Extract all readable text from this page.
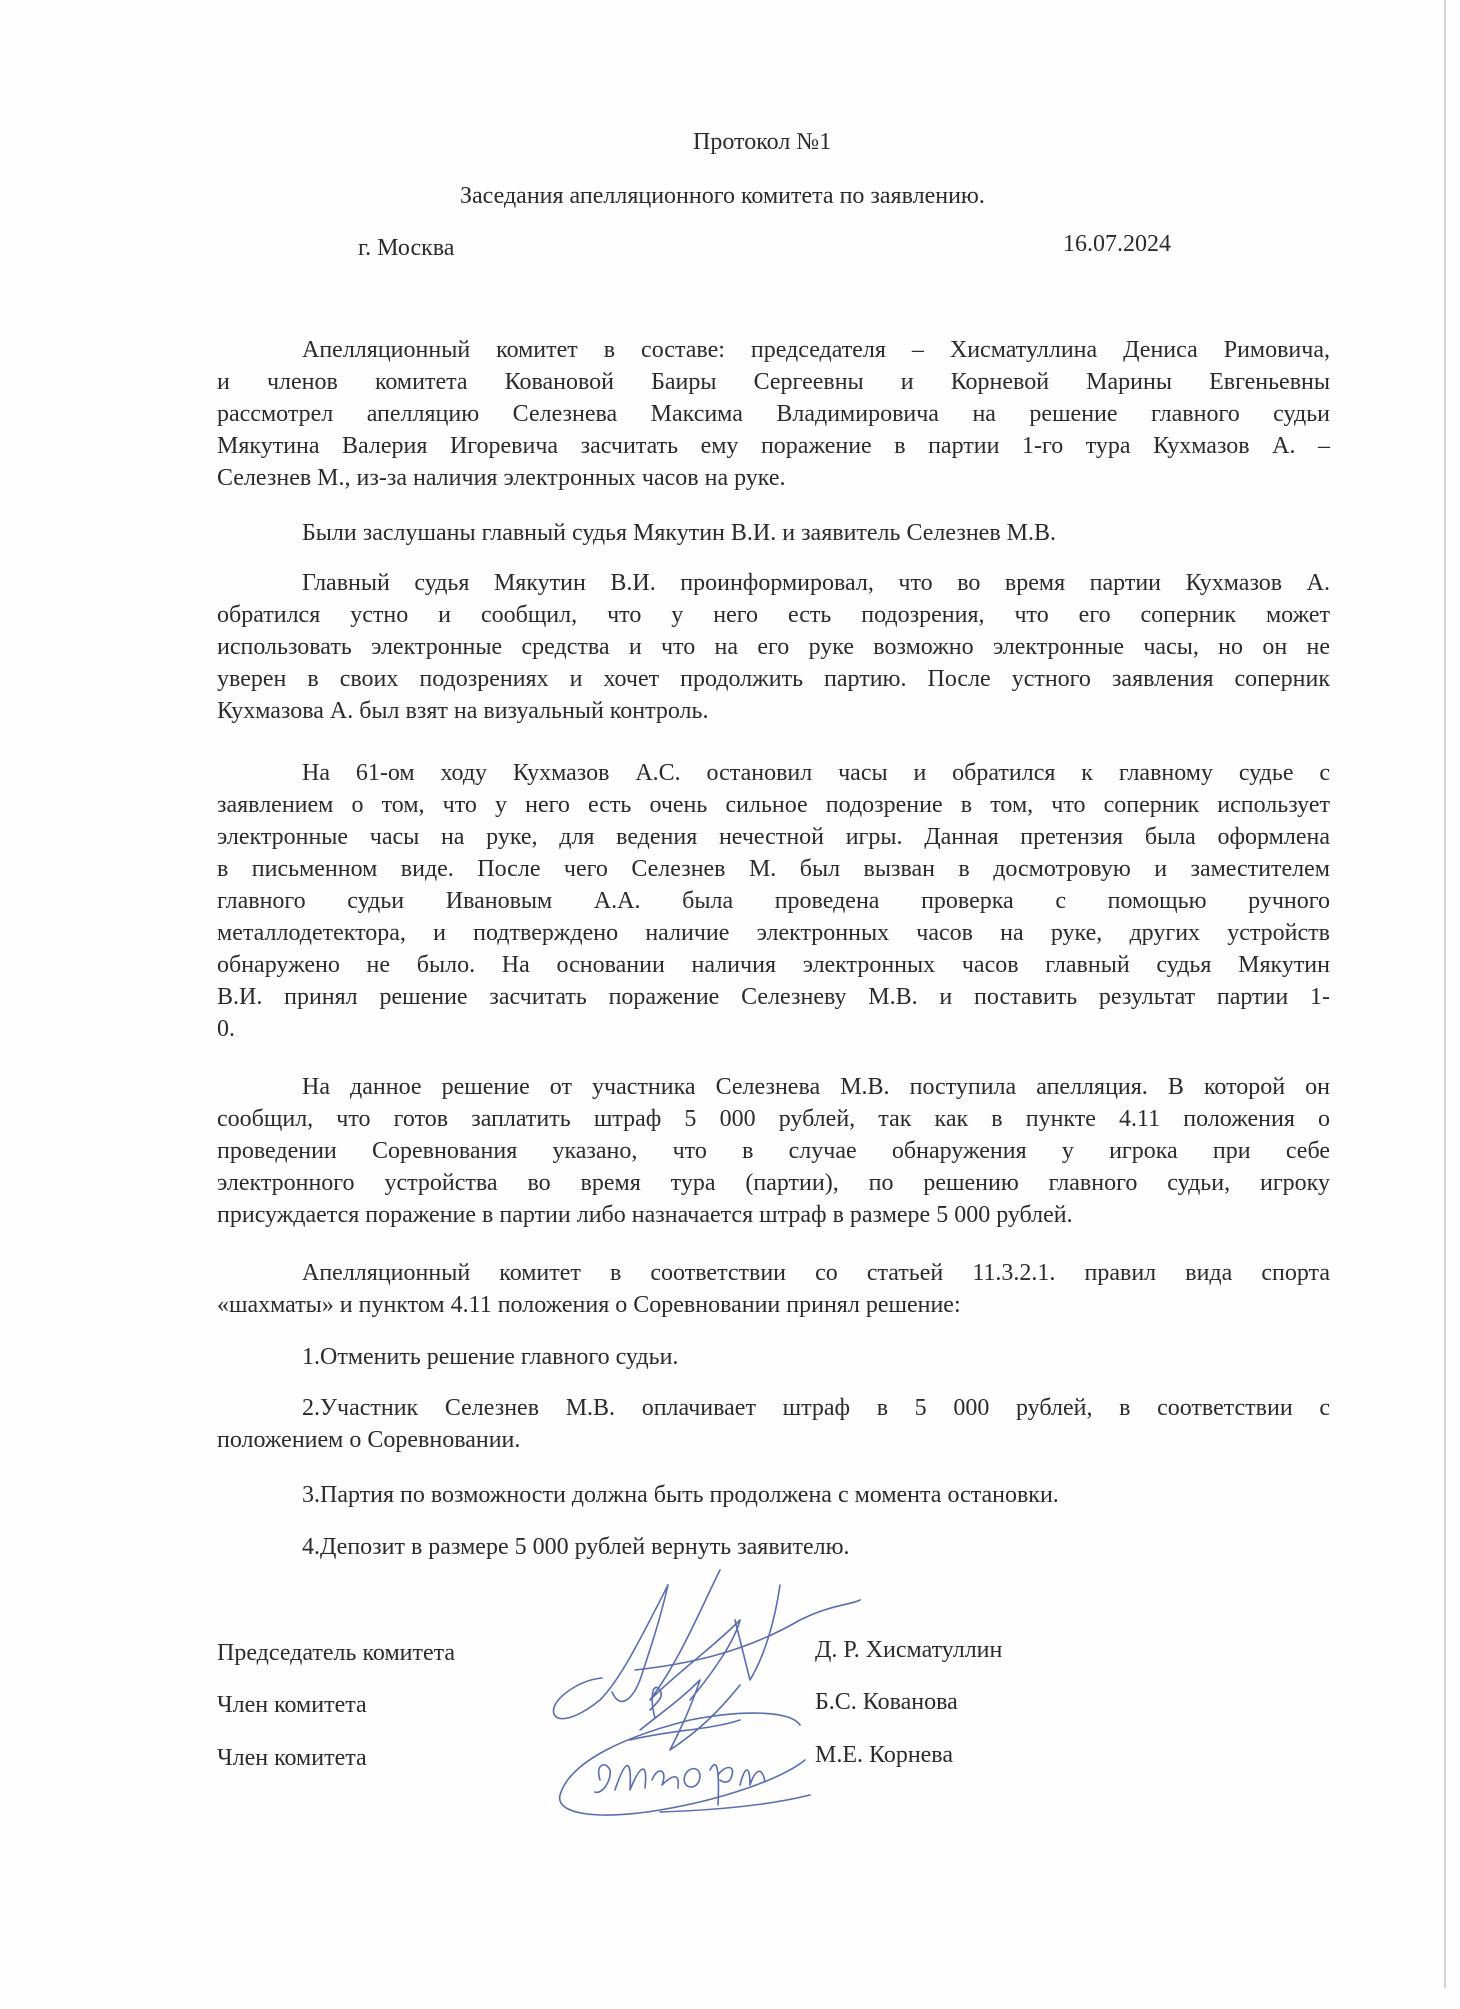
Протокол №1
Заседания апелляционного комитета по заявлению.
г. Москва	16.07.2024
Апелляционный комитет в составе: председателя – Хисматуллина Дениса Римовича,
и членов комитета Ковановой Баиры Сергеевны и Корневой Марины Евгеньевны
рассмотрел апелляцию Селезнева Максима Владимировича на решение главного судьи
Мякутина Валерия Игоревича засчитать ему поражение в партии 1-го тура Кухмазов А. –
Селезнев М., из-за наличия электронных часов на руке.
Были заслушаны главный судья Мякутин В.И. и заявитель Селезнев М.В.
Главный судья Мякутин В.И. проинформировал, что во время партии Кухмазов А.
обратился устно и сообщил, что у него есть подозрения, что его соперник может
использовать электронные средства и что на его руке возможно электронные часы, но он не
уверен в своих подозрениях и хочет продолжить партию. После устного заявления соперник
Кухмазова А. был взят на визуальный контроль.
На 61-ом ходу Кухмазов А.С. остановил часы и обратился к главному судье с
заявлением о том, что у него есть очень сильное подозрение в том, что соперник использует
электронные часы на руке, для ведения нечестной игры. Данная претензия была оформлена
в письменном виде. После чего Селезнев М. был вызван в досмотровую и заместителем
главного судьи Ивановым А.А. была проведена проверка с помощью ручного
металлодетектора, и подтверждено наличие электронных часов на руке, других устройств
обнаружено не было. На основании наличия электронных часов главный судья Мякутин
В.И. принял решение засчитать поражение Селезневу М.В. и поставить результат партии 1-
0.
На данное решение от участника Селезнева М.В. поступила апелляция. В которой он
сообщил, что готов заплатить штраф 5 000 рублей, так как в пункте 4.11 положения о
проведении Соревнования указано, что в случае обнаружения у игрока при себе
электронного устройства во время тура (партии), по решению главного судьи, игроку
присуждается поражение в партии либо назначается штраф в размере 5 000 рублей.
Апелляционный комитет в соответствии со статьей 11.3.2.1. правил вида спорта
«шахматы» и пунктом 4.11 положения о Соревновании принял решение:
1.Отменить решение главного судьи.
2.Участник Селезнев М.В. оплачивает штраф в 5 000 рублей, в соответствии с
положением о Соревновании.
3.Партия по возможности должна быть продолжена с момента остановки.
4.Депозит в размере 5 000 рублей вернуть заявителю.
Председатель комитета
Член комитета
Член комитета
Д. Р. Хисматуллин
Б.С. Кованова
М.Е. Корнева
